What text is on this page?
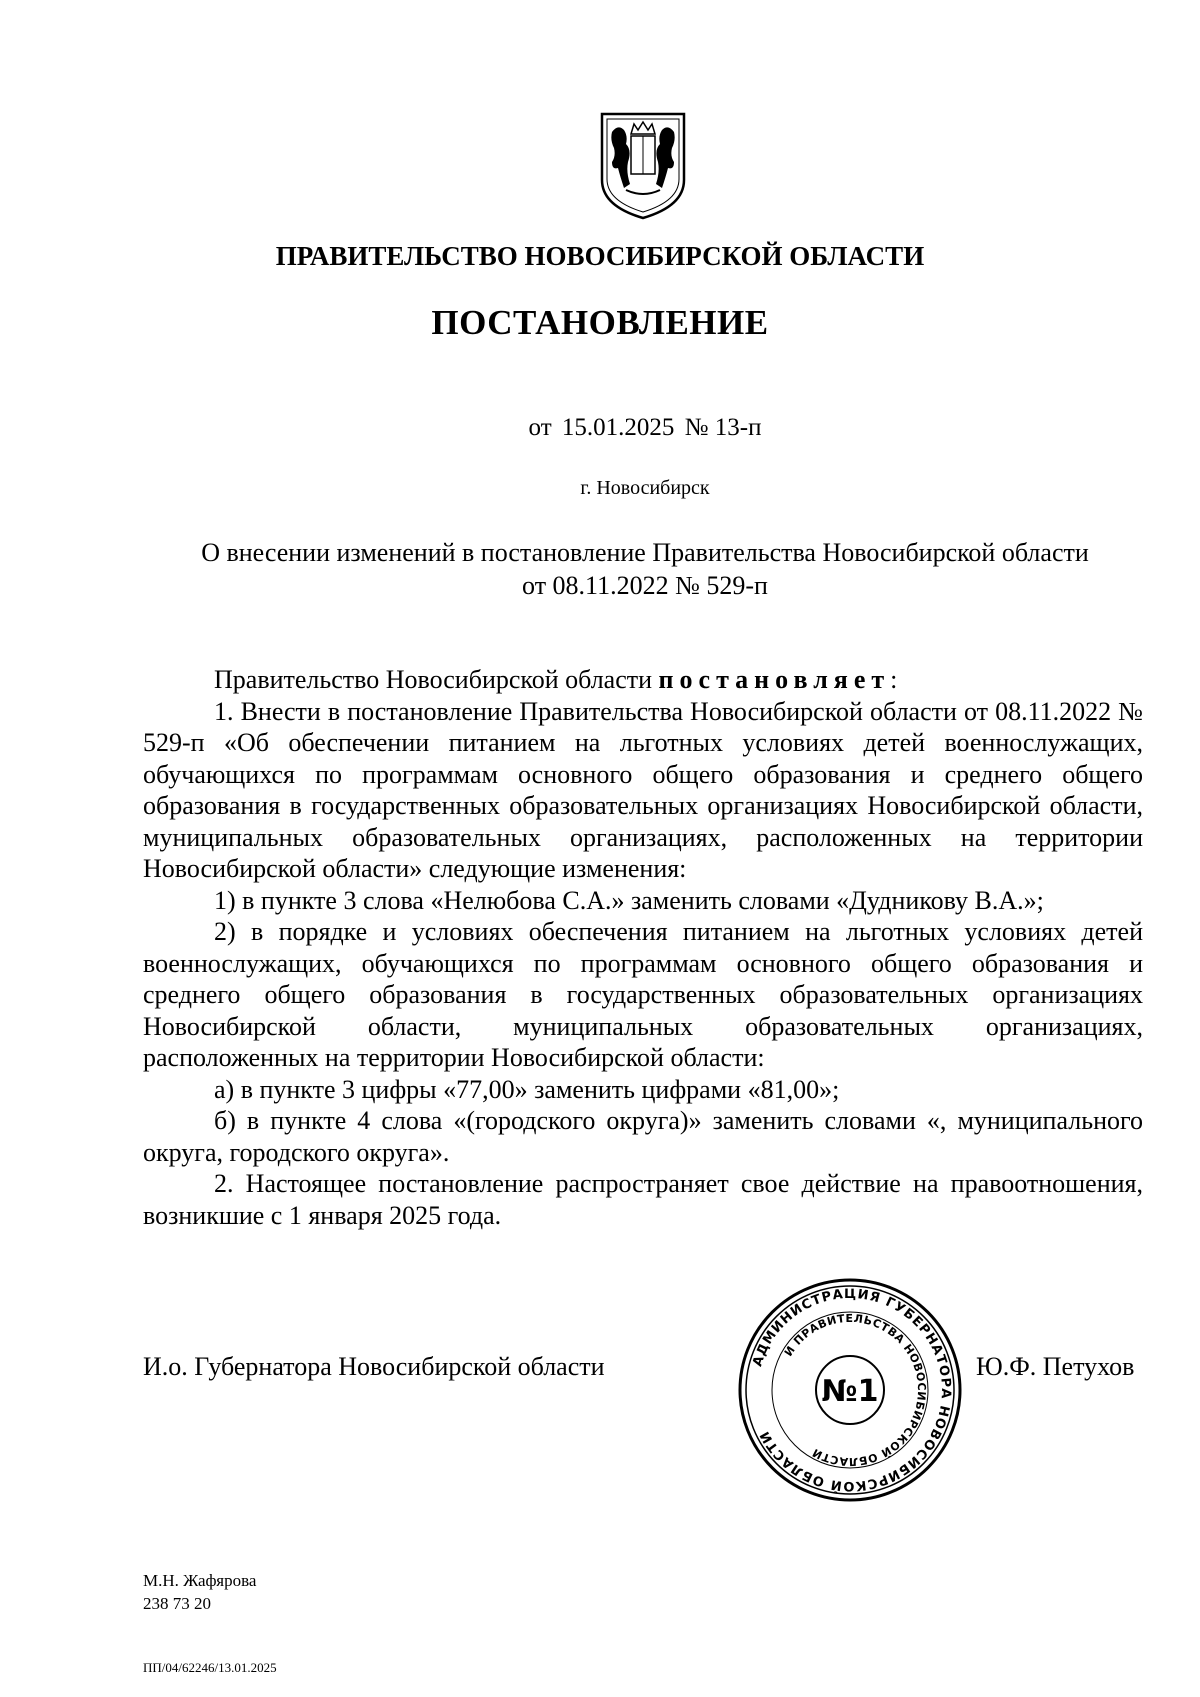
ПРАВИТЕЛЬСТВО НОВОСИБИРСКОЙ ОБЛАСТИ
ПОСТАНОВЛЕНИЕ
от 15.01.2025 № 13-п
г. Новосибирск
О внесении изменений в постановление Правительства Новосибирской области
от 08.11.2022 № 529-п

Правительство Новосибирской области постановляет:

1. Внести в постановление Правительства Новосибирской области от 08.11.2022 № 529-п «Об обеспечении питанием на льготных условиях детей военнослужащих, обучающихся по программам основного общего образования и среднего общего образования в государственных образовательных организациях Новосибирской области, муниципальных образовательных организациях, расположенных на территории Новосибирской области» следующие изменения:

1) в пункте 3 слова «Нелюбова С.А.» заменить словами «Дудникову В.А.»;

2) в порядке и условиях обеспечения питанием на льготных условиях детей военнослужащих, обучающихся по программам основного общего образования и среднего общего образования в государственных образовательных организациях Новосибирской области, муниципальных образовательных организациях, расположенных на территории Новосибирской области:

а) в пункте 3 цифры «77,00» заменить цифрами «81,00»;

б) в пункте 4 слова «(городского округа)» заменить словами «, муниципального округа, городского округа».

2. Настоящее постановление распространяет свое действие на правоотношения, возникшие с 1 января 2025 года.

И.о. Губернатора Новосибирской области	АДМИНИСТРАЦИЯ ГУБЕРНАТОРА НОВОСИБИРСКОЙ ОБЛАСТИ
И ПРАВИТЕЛЬСТВА НОВОСИБИРСКОЙ ОБЛАСТИ
№1
Ю.Ф. Петухов
М.Н. Жафярова
238 73 20
ПП/04/62246/13.01.2025
